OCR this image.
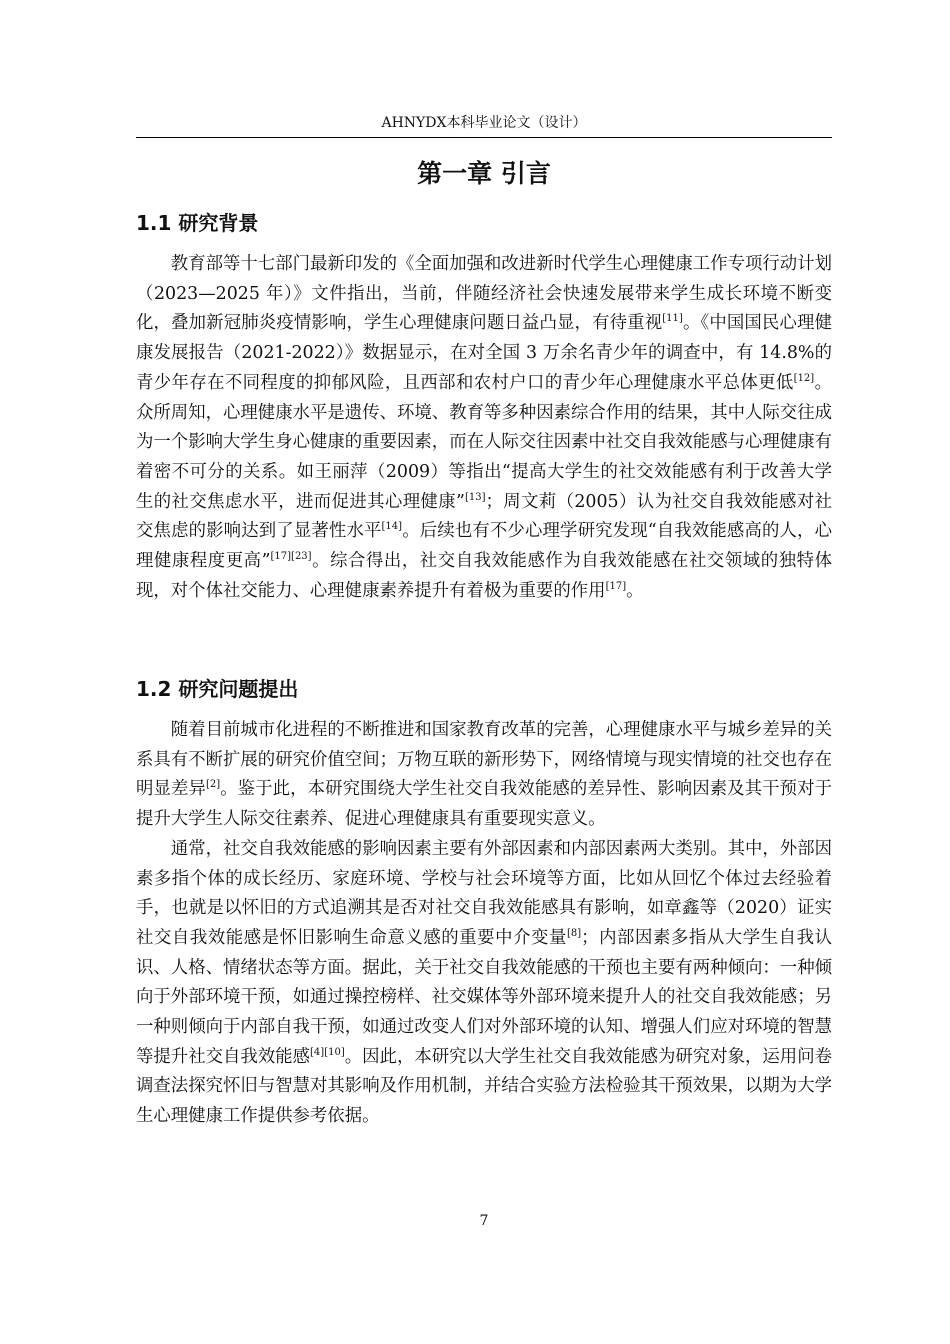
AHNYDX本科毕业论文（设计）
第一章 引言
1.1 研究背景

教育部等十七部门最新印发的《全面加强和改进新时代学生心理健康工作专项行动计划（2023—2025 年）》文件指出，当前，伴随经济社会快速发展带来学生成长环境不断变化，叠加新冠肺炎疫情影响，学生心理健康问题日益凸显，有待重视[11]。《中国国民心理健康发展报告（2021-2022）》数据显示，在对全国 3 万余名青少年的调查中，有 14.8%的青少年存在不同程度的抑郁风险，且西部和农村户口的青少年心理健康水平总体更低[12]。众所周知，心理健康水平是遗传、环境、教育等多种因素综合作用的结果，其中人际交往成为一个影响大学生身心健康的重要因素，而在人际交往因素中社交自我效能感与心理健康有着密不可分的关系。如王丽萍（2009）等指出“提高大学生的社交效能感有利于改善大学生的社交焦虑水平，进而促进其心理健康”[13]；周文莉（2005）认为社交自我效能感对社交焦虑的影响达到了显著性水平[14]。后续也有不少心理学研究发现“自我效能感高的人，心理健康程度更高”[17][23]。综合得出，社交自我效能感作为自我效能感在社交领域的独特体现，对个体社交能力、心理健康素养提升有着极为重要的作用[17]。

1.2 研究问题提出

随着目前城市化进程的不断推进和国家教育改革的完善，心理健康水平与城乡差异的关系具有不断扩展的研究价值空间；万物互联的新形势下，网络情境与现实情境的社交也存在明显差异[2]。鉴于此，本研究围绕大学生社交自我效能感的差异性、影响因素及其干预对于提升大学生人际交往素养、促进心理健康具有重要现实意义。

通常，社交自我效能感的影响因素主要有外部因素和内部因素两大类别。其中，外部因素多指个体的成长经历、家庭环境、学校与社会环境等方面，比如从回忆个体过去经验着手，也就是以怀旧的方式追溯其是否对社交自我效能感具有影响，如章鑫等（2020）证实社交自我效能感是怀旧影响生命意义感的重要中介变量[8]；内部因素多指从大学生自我认识、人格、情绪状态等方面。据此，关于社交自我效能感的干预也主要有两种倾向：一种倾向于外部环境干预，如通过操控榜样、社交媒体等外部环境来提升人的社交自我效能感；另一种则倾向于内部自我干预，如通过改变人们对外部环境的认知、增强人们应对环境的智慧等提升社交自我效能感[4][10]。因此，本研究以大学生社交自我效能感为研究对象，运用问卷调查法探究怀旧与智慧对其影响及作用机制，并结合实验方法检验其干预效果，以期为大学生心理健康工作提供参考依据。

7
